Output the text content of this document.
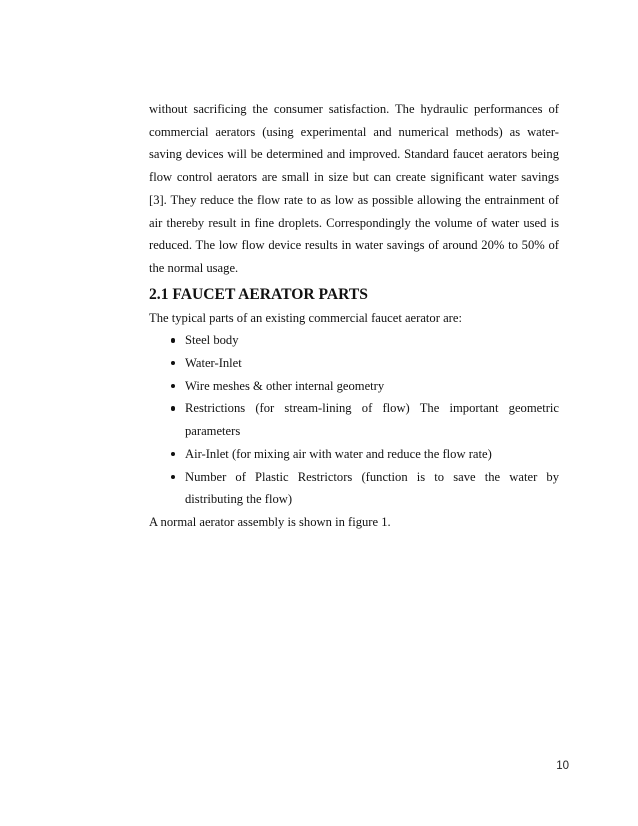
without sacrificing the consumer satisfaction. The hydraulic performances of
commercial aerators (using experimental and numerical methods) as water-
saving devices will be determined and improved. Standard faucet aerators being
flow control aerators are small in size but can create significant water savings
[3]. They reduce the flow rate to as low as possible allowing the entrainment of
air thereby result in fine droplets. Correspondingly the volume of water used is
reduced. The low flow device results in water savings of around 20% to 50% of
the normal usage.

2.1 FAUCET AERATOR PARTS
The typical parts of an existing commercial faucet aerator are:
Steel body
Water-Inlet
Wire meshes & other internal geometry
Restrictions (for stream-lining of flow) The important geometric
parameters
Air-Inlet (for mixing air with water and reduce the flow rate)
Number of Plastic Restrictors (function is to save the water by
distributing the flow)
A normal aerator assembly is shown in figure 1.
10
